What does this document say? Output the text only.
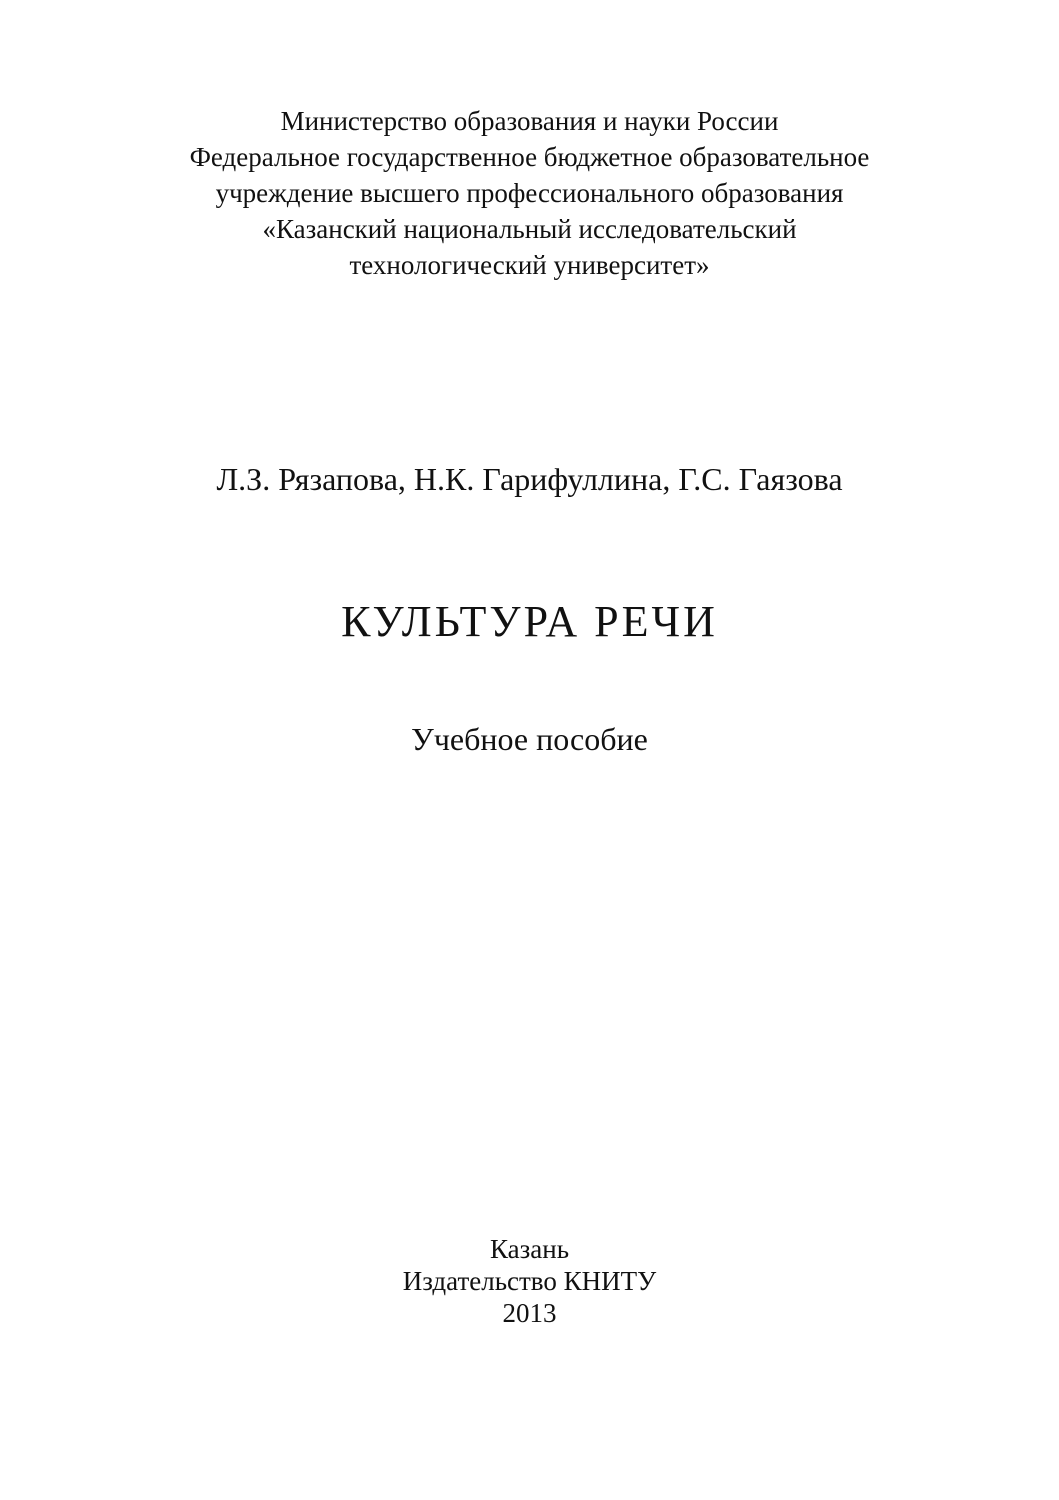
Министерство образования и науки России
Федеральное государственное бюджетное образовательное
учреждение высшего профессионального образования
«Казанский национальный исследовательский
технологический университет»
Л.З. Рязапова, Н.К. Гарифуллина, Г.С. Гаязова
КУЛЬТУРА РЕЧИ
Учебное пособие
Казань
Издательство КНИТУ
2013
